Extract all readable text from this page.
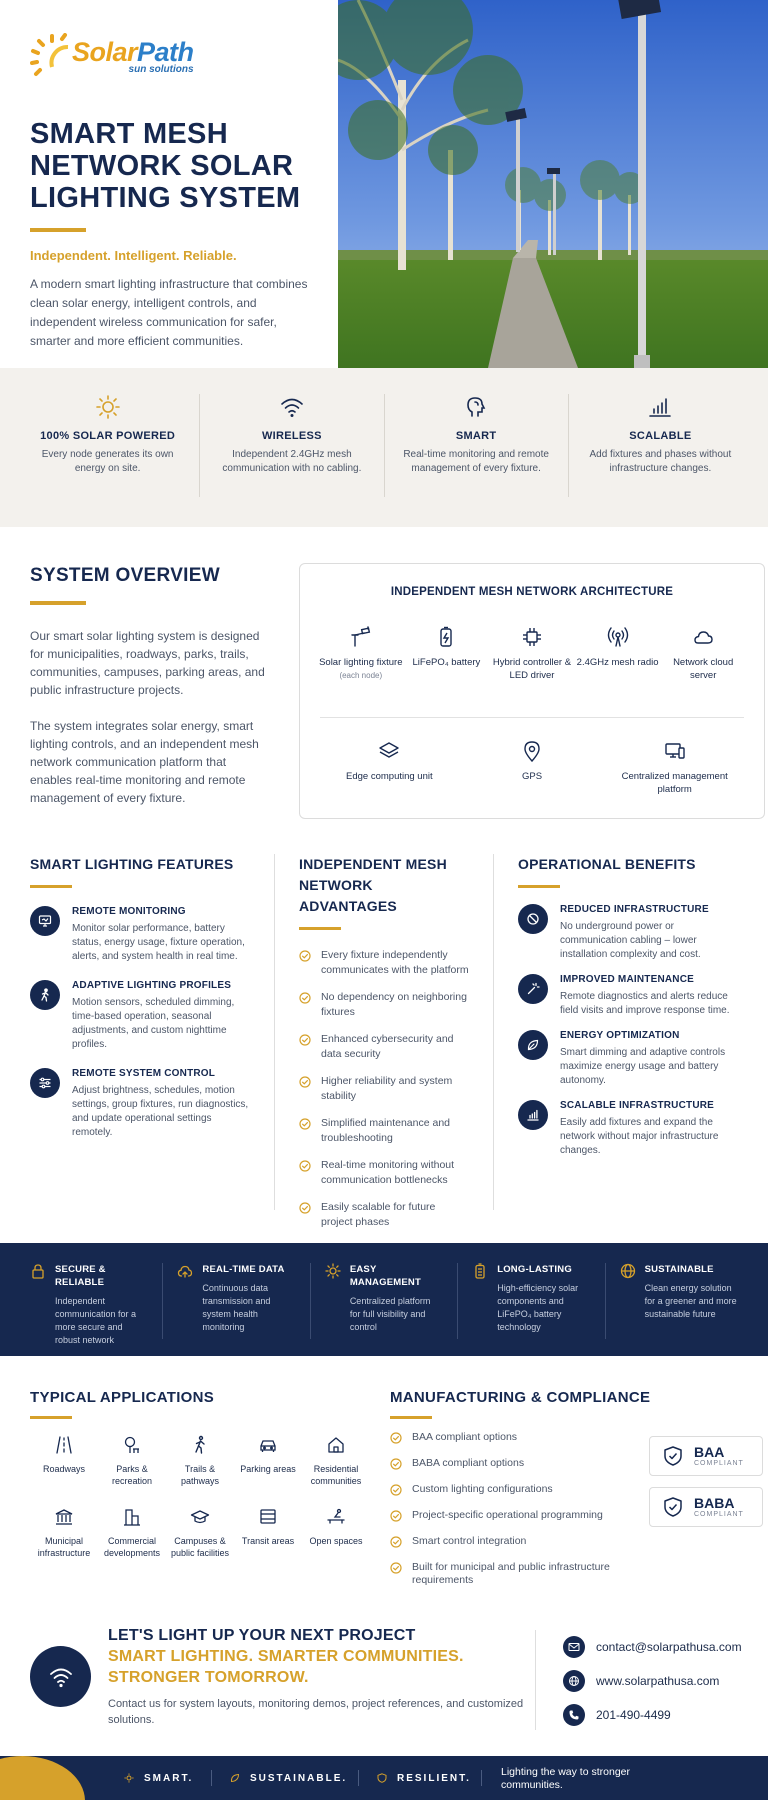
SolarPath
sun solutions
SMART MESH NETWORK SOLAR LIGHTING SYSTEM
Independent. Intelligent. Reliable.

A modern smart lighting infrastructure that combines clean solar energy, intelligent controls, and independent wireless communication for safer, smarter and more efficient communities.

100% SOLAR POWERED

Every node generates its own energy on site.

WIRELESS

Independent 2.4GHz mesh communication with no cabling.

SMART

Real-time monitoring and remote management of every fixture.

SCALABLE

Add fixtures and phases without infrastructure changes.

SYSTEM OVERVIEW

Our smart solar lighting system is designed for municipalities, roadways, parks, trails, communities, campuses, parking areas, and public infrastructure projects.

The system integrates solar energy, smart lighting controls, and an independent mesh network communication platform that enables real-time monitoring and remote management of every fixture.

INDEPENDENT MESH NETWORK ARCHITECTURE
Solar lighting fixture
(each node)
LiFePO₄ battery	Hybrid controller & LED driver
2.4GHz mesh radio	Network cloud server
Edge computing unit	GPS	Centralized management platform
SMART LIGHTING FEATURES
REMOTE MONITORING

Monitor solar performance, battery status, energy usage, fixture operation, alerts, and system health in real time.

ADAPTIVE LIGHTING PROFILES

Motion sensors, scheduled dimming, time-based operation, seasonal adjustments, and custom nighttime profiles.

REMOTE SYSTEM CONTROL

Adjust brightness, schedules, motion settings, group fixtures, run diagnostics, and update operational settings remotely.

INDEPENDENT MESH NETWORK ADVANTAGES
Every fixture independently communicates with the platform
No dependency on neighboring fixtures
Enhanced cybersecurity and data security
Higher reliability and system stability
Simplified maintenance and troubleshooting
Real-time monitoring without communication bottlenecks
Easily scalable for future project phases
OPERATIONAL BENEFITS
REDUCED INFRASTRUCTURE

No underground power or communication cabling – lower installation complexity and cost.

IMPROVED MAINTENANCE

Remote diagnostics and alerts reduce field visits and improve response time.

ENERGY OPTIMIZATION

Smart dimming and adaptive controls maximize energy usage and battery autonomy.

SCALABLE INFRASTRUCTURE

Easily add fixtures and expand the network without major infrastructure changes.

SECURE & RELIABLE

Independent communication for a more secure and robust network

REAL-TIME DATA

Continuous data transmission and system health monitoring

EASY MANAGEMENT

Centralized platform for full visibility and control

LONG-LASTING

High-efficiency solar components and LiFePO₄ battery technology

SUSTAINABLE

Clean energy solution for a greener and more sustainable future

TYPICAL APPLICATIONS
Roadways	Parks & recreation
Trails & pathways
Parking areas	Residential communities
Municipal infrastructure
Commercial developments
Campuses & public facilities
Transit areas	Open spaces
MANUFACTURING & COMPLIANCE
BAA compliant options
BABA compliant options
Custom lighting configurations
Project-specific operational programming
Smart control integration
Built for municipal and public infrastructure requirements
BAA
COMPLIANT
BABA
COMPLIANT
LET'S LIGHT UP YOUR NEXT PROJECT
SMART LIGHTING. SMARTER COMMUNITIES.
STRONGER TOMORROW.

Contact us for system layouts, monitoring demos, project references, and customized solutions.

contact@solarpathusa.com
www.solarpathusa.com
201-490-4499
SMART.	SUSTAINABLE.	RESILIENT.	Lighting the way to stronger communities.
